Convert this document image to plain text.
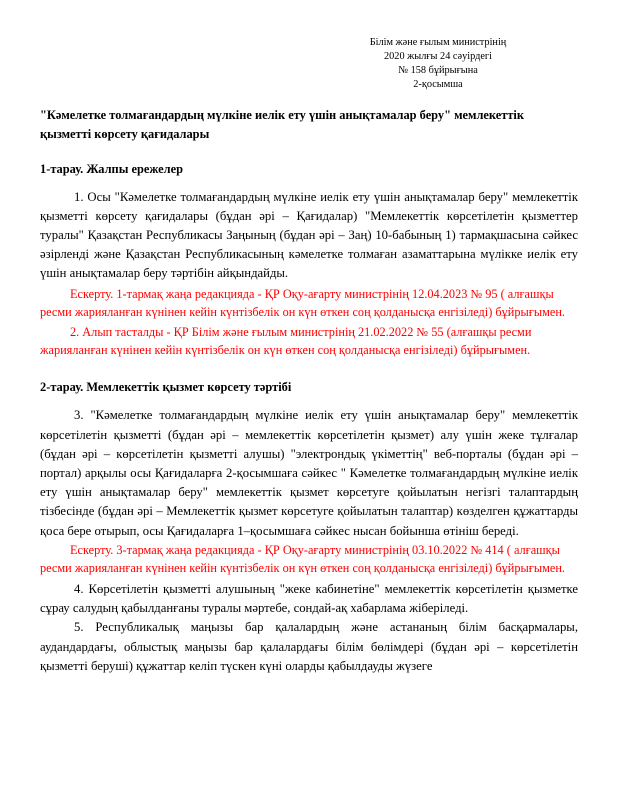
Білім және ғылым министрінің
2020 жылғы 24 сәуірдегі
№ 158 бұйрығына
2-қосымша
"Кәмелетке толмағандардың мүлкіне иелік ету үшін анықтамалар беру" мемлекеттік қызметті көрсету қағидалары
1-тарау. Жалпы ережелер

1. Осы "Кәмелетке толмағандардың мүлкіне иелік ету үшін анықтамалар беру" мемлекеттік қызметті көрсету қағидалары (бұдан әрі – Қағидалар) "Мемлекеттік көрсетілетін қызметтер туралы" Қазақстан Республикасы Заңының (бұдан әрі – Заң) 10-бабының 1) тармақшасына сәйкес әзірленді және Қазақстан Республикасының кәмелетке толмаған азаматтарына мүлікке иелік ету үшін анықтамалар беру тәртібін айқындайды.

Ескерту. 1-тармақ жаңа редакцияда - ҚР Оқу-ағарту министрінің 12.04.2023 № 95 ( алғашқы ресми жарияланған күнінен кейін күнтізбелік он күн өткен соң қолданысқа енгізіледі) бұйрығымен.

2. Алып тасталды - ҚР Білім және ғылым министрінің 21.02.2022 № 55 (алғашқы ресми жарияланған күнінен кейін күнтізбелік он күн өткен соң қолданысқа енгізіледі) бұйрығымен.

2-тарау. Мемлекеттік қызмет көрсету тәртібі

3. "Кәмелетке толмағандардың мүлкіне иелік ету үшін анықтамалар беру" мемлекеттік көрсетілетін қызметті (бұдан әрі – мемлекеттік көрсетілетін қызмет) алу үшін жеке тұлғалар (бұдан әрі – көрсетілетін қызметті алушы) "электрондық үкіметтің" веб-порталы (бұдан әрі – портал) арқылы осы Қағидаларға 2-қосымшаға сәйкес " Кәмелетке толмағандардың мүлкіне иелік ету үшін анықтамалар беру" мемлекеттік қызмет көрсетуге қойылатын негізгі талаптардың тізбесінде (бұдан әрі – Мемлекеттік қызмет көрсетуге қойылатын талаптар) көзделген құжаттарды қоса бере отырып, осы Қағидаларға 1–қосымшаға сәйкес нысан бойынша өтініш береді.

Ескерту. 3-тармақ жаңа редакцияда - ҚР Оқу-ағарту министрінің 03.10.2022 № 414 ( алғашқы ресми жарияланған күнінен кейін күнтізбелік он күн өткен соң қолданысқа енгізіледі) бұйрығымен.

4. Көрсетілетін қызметті алушының "жеке кабинетіне" мемлекеттік көрсетілетін қызметке сұрау салудың қабылданғаны туралы мәртебе, сондай-ақ хабарлама жіберіледі.

5. Республикалық маңызы бар қалалардың және астананың білім басқармалары, аудандардағы, облыстық маңызы бар қалалардағы білім бөлімдері (бұдан әрі – көрсетілетін қызметті беруші) құжаттар келіп түскен күні оларды қабылдауды жүзеге
